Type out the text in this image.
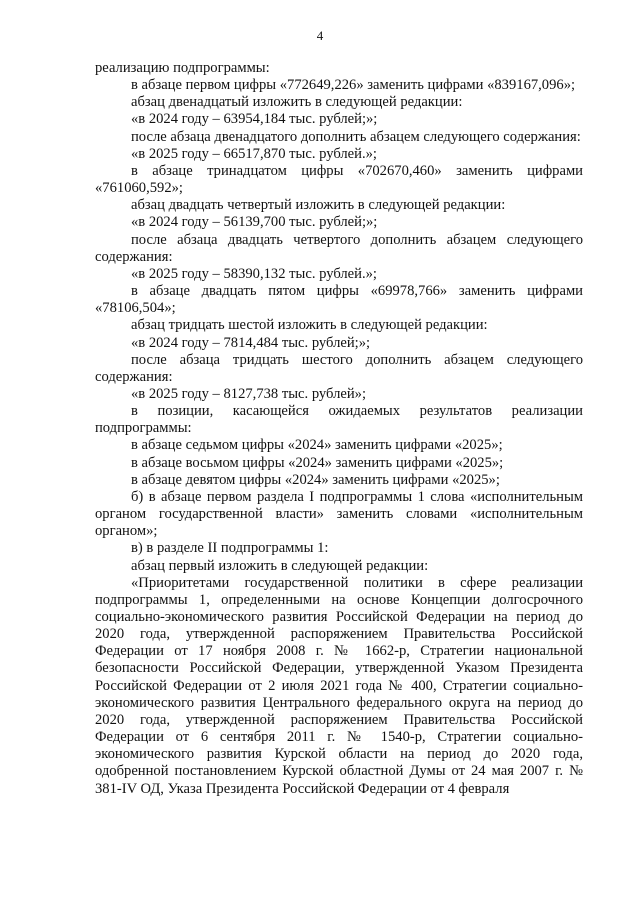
4

реализацию подпрограммы:

в абзаце первом цифры «772649,226» заменить цифрами «839167,096»;

абзац двенадцатый изложить в следующей редакции:

«в 2024 году – 63954,184 тыс. рублей;»;

после абзаца двенадцатого дополнить абзацем следующего содержания:

«в 2025 году – 66517,870 тыс. рублей.»;

в абзаце тринадцатом цифры «702670,460» заменить цифрами «761060,592»;

абзац двадцать четвертый изложить в следующей редакции:

«в 2024 году – 56139,700 тыс. рублей;»;

после абзаца двадцать четвертого дополнить абзацем следующего содержания:

«в 2025 году – 58390,132 тыс. рублей.»;

в абзаце двадцать пятом цифры «69978,766» заменить цифрами «78106,504»;

абзац тридцать шестой изложить в следующей редакции:

«в 2024 году – 7814,484 тыс. рублей;»;

после абзаца тридцать шестого дополнить абзацем следующего содержания:

«в 2025 году – 8127,738 тыс. рублей»;

в позиции, касающейся ожидаемых результатов реализации подпрограммы:

в абзаце седьмом цифры «2024» заменить цифрами «2025»;

в абзаце восьмом цифры «2024» заменить цифрами «2025»;

в абзаце девятом цифры «2024» заменить цифрами «2025»;

б) в абзаце первом раздела I подпрограммы 1 слова «исполнительным органом государственной власти» заменить словами «исполнительным органом»;

в) в разделе II подпрограммы 1:

абзац первый изложить в следующей редакции:

«Приоритетами государственной политики в сфере реализации подпрограммы 1, определенными на основе Концепции долгосрочного социально-экономического развития Российской Федерации на период до 2020 года, утвержденной распоряжением Правительства Российской Федерации от 17 ноября 2008 г. № 1662-р, Стратегии национальной безопасности Российской Федерации, утвержденной Указом Президента Российской Федерации от 2 июля 2021 года № 400, Стратегии социально-экономического развития Центрального федерального округа на период до 2020 года, утвержденной распоряжением Правительства Российской Федерации от 6 сентября 2011 г. № 1540-р, Стратегии социально-экономического развития Курской области на период до 2020 года, одобренной постановлением Курской областной Думы от 24 мая 2007 г. № 381-IV ОД, Указа Президента Российской Федерации от 4 февраля
